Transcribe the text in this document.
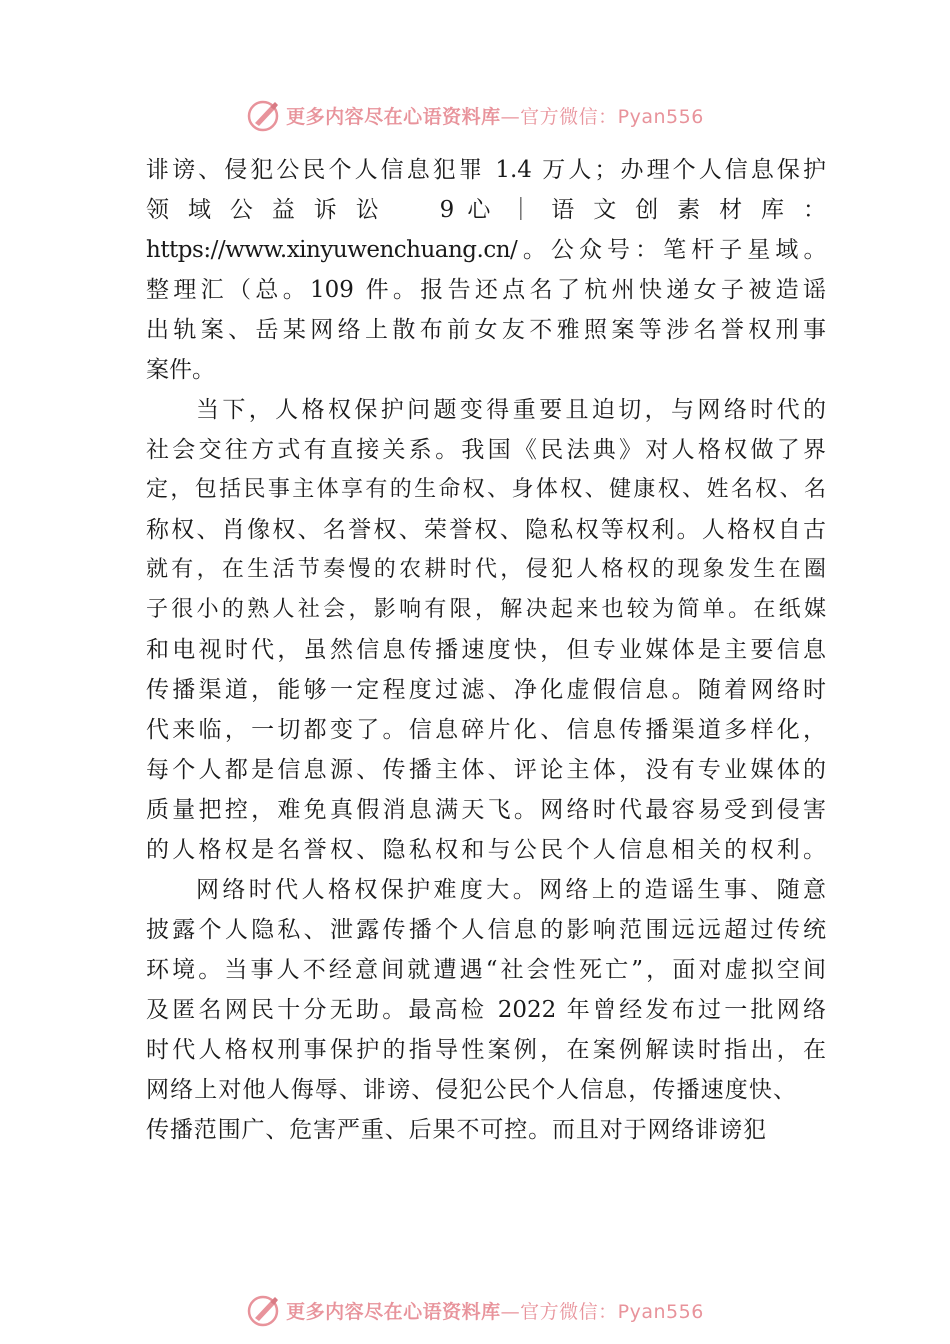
更多内容尽在心语资料库—官方微信：Pyan556
诽谤、侵犯公民个人信息犯罪 1.4 万人；办理个人信息保护
领 域 公 益 诉 讼 　 9 心 ｜ 语 文 创 素 材 库 ：
https://www.xinyuwenchuang.cn/。公众号：笔杆子星域。
整理汇（总。109 件。报告还点名了杭州快递女子被造谣
出轨案、岳某网络上散布前女友不雅照案等涉名誉权刑事
案件。
当下，人格权保护问题变得重要且迫切，与网络时代的
社会交往方式有直接关系。我国《民法典》对人格权做了界
定，包括民事主体享有的生命权、身体权、健康权、姓名权、名
称权、肖像权、名誉权、荣誉权、隐私权等权利。人格权自古
就有，在生活节奏慢的农耕时代，侵犯人格权的现象发生在圈
子很小的熟人社会，影响有限，解决起来也较为简单。在纸媒
和电视时代，虽然信息传播速度快，但专业媒体是主要信息
传播渠道，能够一定程度过滤、净化虚假信息。随着网络时
代来临，一切都变了。信息碎片化、信息传播渠道多样化，
每个人都是信息源、传播主体、评论主体，没有专业媒体的
质量把控，难免真假消息满天飞。网络时代最容易受到侵害
的人格权是名誉权、隐私权和与公民个人信息相关的权利。
网络时代人格权保护难度大。网络上的造谣生事、随意
披露个人隐私、泄露传播个人信息的影响范围远远超过传统
环境。当事人不经意间就遭遇“社会性死亡”，面对虚拟空间
及匿名网民十分无助。最高检 2022 年曾经发布过一批网络
时代人格权刑事保护的指导性案例，在案例解读时指出，在
网络上对他人侮辱、诽谤、侵犯公民个人信息，传播速度快、
传播范围广、危害严重、后果不可控。而且对于网络诽谤犯
更多内容尽在心语资料库—官方微信：Pyan556
